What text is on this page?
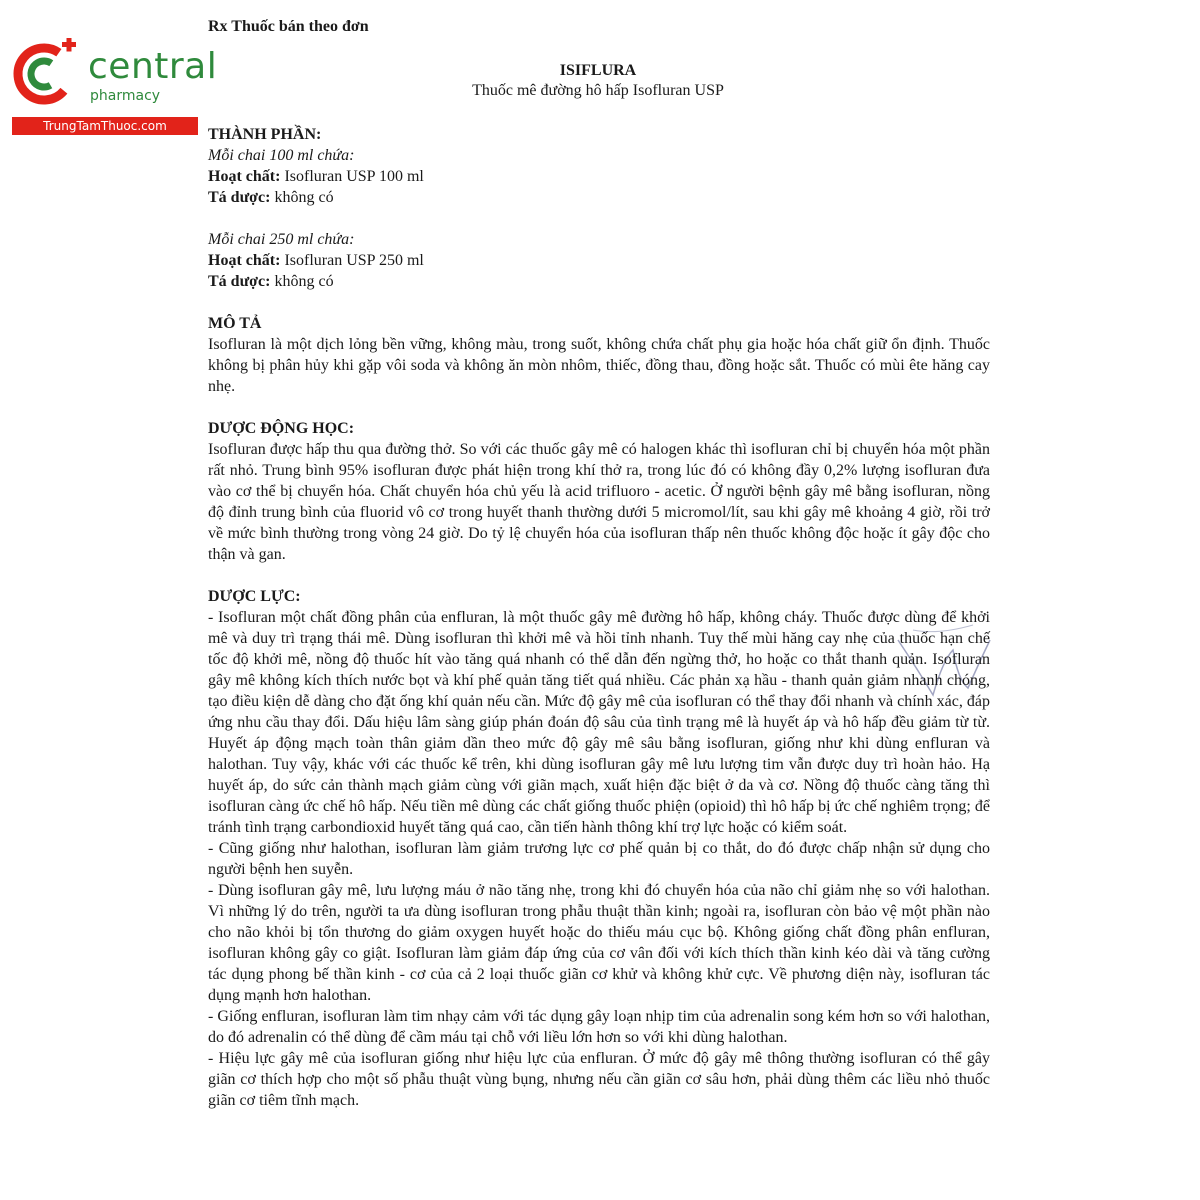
central
pharmacy
TrungTamThuoc.com
Rx Thuốc bán theo đơn
ISIFLURA
Thuốc mê đường hô hấp Isofluran USP
THÀNH PHẦN:

Mỗi chai 100 ml chứa:

Hoạt chất: Isofluran USP 100 ml

Tá dược: không có

Mỗi chai 250 ml chứa:

Hoạt chất: Isofluran USP 250 ml

Tá dược: không có

MÔ TẢ

Isofluran là một dịch lỏng bền vững, không màu, trong suốt, không chứa chất phụ gia hoặc hóa chất giữ ổn định. Thuốc không bị phân hủy khi gặp vôi soda và không ăn mòn nhôm, thiếc, đồng thau, đồng hoặc sắt. Thuốc có mùi ête hăng cay nhẹ.

DƯỢC ĐỘNG HỌC:

Isofluran được hấp thu qua đường thở. So với các thuốc gây mê có halogen khác thì isofluran chỉ bị chuyển hóa một phần rất nhỏ. Trung bình 95% isofluran được phát hiện trong khí thở ra, trong lúc đó có không đầy 0,2% lượng isofluran đưa vào cơ thể bị chuyển hóa. Chất chuyển hóa chủ yếu là acid trifluoro - acetic. Ở người bệnh gây mê bằng isofluran, nồng độ đỉnh trung bình của fluorid vô cơ trong huyết thanh thường dưới 5 micromol/lít, sau khi gây mê khoảng 4 giờ, rồi trở về mức bình thường trong vòng 24 giờ. Do tỷ lệ chuyển hóa của isofluran thấp nên thuốc không độc hoặc ít gây độc cho thận và gan.

DƯỢC LỰC:

- Isofluran một chất đồng phân của enfluran, là một thuốc gây mê đường hô hấp, không cháy. Thuốc được dùng để khởi mê và duy trì trạng thái mê. Dùng isofluran thì khởi mê và hồi tỉnh nhanh. Tuy thế mùi hăng cay nhẹ của thuốc hạn chế tốc độ khởi mê, nồng độ thuốc hít vào tăng quá nhanh có thể dẫn đến ngừng thở, ho hoặc co thắt thanh quản. Isofluran gây mê không kích thích nước bọt và khí phế quản tăng tiết quá nhiều. Các phản xạ hầu - thanh quản giảm nhanh chóng, tạo điều kiện dễ dàng cho đặt ống khí quản nếu cần. Mức độ gây mê của isofluran có thể thay đổi nhanh và chính xác, đáp ứng nhu cầu thay đổi. Dấu hiệu lâm sàng giúp phán đoán độ sâu của tình trạng mê là huyết áp và hô hấp đều giảm từ từ. Huyết áp động mạch toàn thân giảm dần theo mức độ gây mê sâu bằng isofluran, giống như khi dùng enfluran và halothan. Tuy vậy, khác với các thuốc kể trên, khi dùng isofluran gây mê lưu lượng tim vẫn được duy trì hoàn hảo. Hạ huyết áp, do sức cản thành mạch giảm cùng với giãn mạch, xuất hiện đặc biệt ở da và cơ. Nồng độ thuốc càng tăng thì isofluran càng ức chế hô hấp. Nếu tiền mê dùng các chất giống thuốc phiện (opioid) thì hô hấp bị ức chế nghiêm trọng; để tránh tình trạng carbondioxid huyết tăng quá cao, cần tiến hành thông khí trợ lực hoặc có kiểm soát.

- Cũng giống như halothan, isofluran làm giảm trương lực cơ phế quản bị co thắt, do đó được chấp nhận sử dụng cho người bệnh hen suyễn.

- Dùng isofluran gây mê, lưu lượng máu ở não tăng nhẹ, trong khi đó chuyển hóa của não chỉ giảm nhẹ so với halothan. Vì những lý do trên, người ta ưa dùng isofluran trong phẫu thuật thần kinh; ngoài ra, isofluran còn bảo vệ một phần nào cho não khỏi bị tổn thương do giảm oxygen huyết hoặc do thiếu máu cục bộ. Không giống chất đồng phân enfluran, isofluran không gây co giật. Isofluran làm giảm đáp ứng của cơ vân đối với kích thích thần kinh kéo dài và tăng cường tác dụng phong bế thần kinh - cơ của cả 2 loại thuốc giãn cơ khử và không khử cực. Về phương diện này, isofluran tác dụng mạnh hơn halothan.

- Giống enfluran, isofluran làm tim nhạy cảm với tác dụng gây loạn nhịp tim của adrenalin song kém hơn so với halothan, do đó adrenalin có thể dùng để cầm máu tại chỗ với liều lớn hơn so với khi dùng halothan.

- Hiệu lực gây mê của isofluran giống như hiệu lực của enfluran. Ở mức độ gây mê thông thường isofluran có thể gây giãn cơ thích hợp cho một số phẫu thuật vùng bụng, nhưng nếu cần giãn cơ sâu hơn, phải dùng thêm các liều nhỏ thuốc giãn cơ tiêm tĩnh mạch.
